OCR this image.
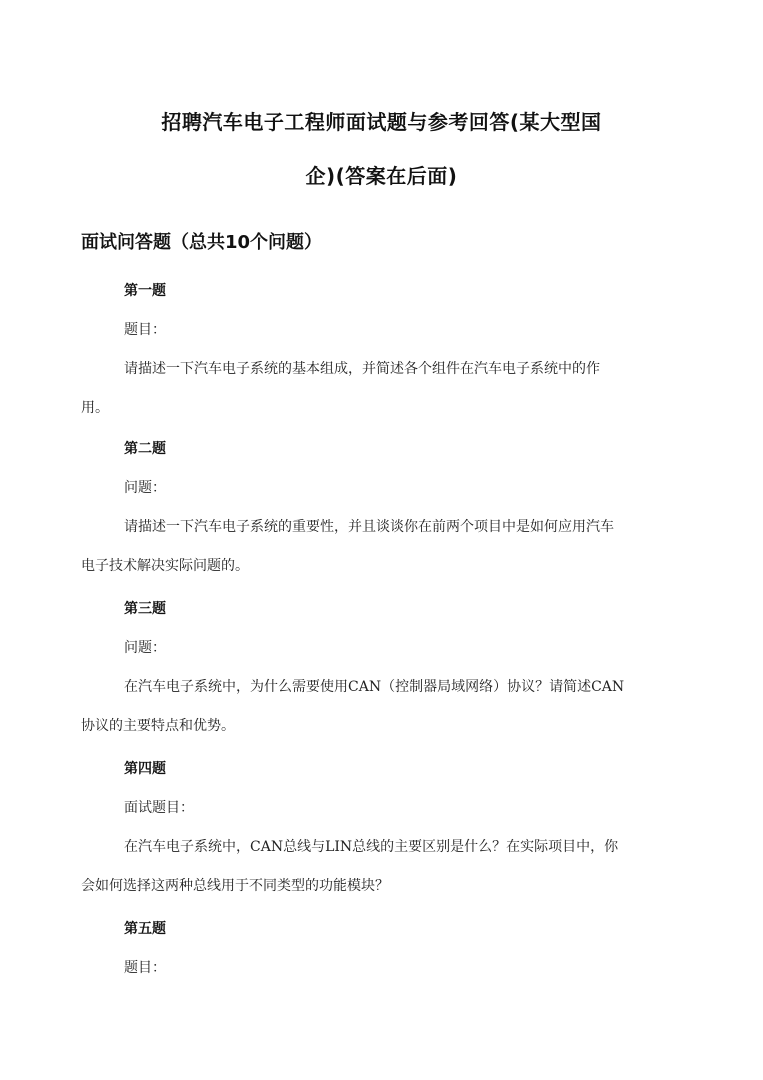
招聘汽车电子工程师面试题与参考回答(某大型国
企)(答案在后面)
面试问答题（总共10个问题）
第一题
题目：
请描述一下汽车电子系统的基本组成，并简述各个组件在汽车电子系统中的作
用。
第二题
问题：
请描述一下汽车电子系统的重要性，并且谈谈你在前两个项目中是如何应用汽车
电子技术解决实际问题的。
第三题
问题：
在汽车电子系统中，为什么需要使用CAN（控制器局域网络）协议？请简述CAN
协议的主要特点和优势。
第四题
面试题目：
在汽车电子系统中，CAN总线与LIN总线的主要区别是什么？在实际项目中，你
会如何选择这两种总线用于不同类型的功能模块？
第五题
题目：
